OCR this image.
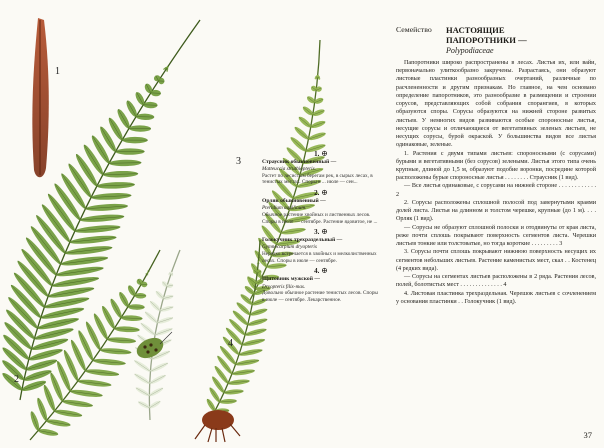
1
2
3
4
1. ⊕
Страусник обыкновенный —
Matteuccia struthiopteris.
Растет по лесистым берегам рек, в сырых лесах, в тенистых местах. Споры в ... июле — сен...
2. ⊕
Орляк обыкновенный —
Pteridium aquilinum.
Обычное растение хвойных и лиственных лесов. Споры в июле — сентябре. Растение ядовитое, не ...
3. ⊕
Голокучник трехраздельный —
Gymnocarpium dryopteris
Нередко встречается в хвойных и мелколиственных лесах. Споры в июле — сентябре.
4. ⊕
Щитовник мужской —
Dryopteris filix-mas.
Довольно обычное растение тенистых лесов. Споры в июле — сентябре. Лекарственное.
Семейство	НАСТОЯЩИЕ
ПАПОРОТНИКИ —
Polypodiaceae

Папоротники широко распространены в лесах. Листья их, или вайи, первоначально улиткообразно закручены. Разрастаясь, они образуют листовые пластинки разнообразных очертаний, различные по расчлененности и другим признакам. Но главное, на чем основано определение папоротников, это разнообразие в размещении и строении сорусов, представляющих собой собрания спорангиев, в которых образуются споры. Сорусы образуются на нижней стороне развитых листьев. У немногих видов развиваются особые спороносные листья, несущие сорусы и отличающиеся от вегетативных зеленых листьев, не несущих сорусы, бурой окраской. У большинства видов все листья одинаковые, зеленые.

1. Растения с двумя типами листьев: спороносными (с сорусами) бурыми и вегетативными (без сорусов) зелеными. Листья этого типа очень крупные, длиной до 1,5 м, образуют подобие воронки, посредине которой расположены бурые спороносные листья . . . . . . . . Страусник (1 вид).

— Все листья одинаковые, с сорусами на нижней стороне . . . . . . . . . . . . 2

2. Сорусы расположены сплошной полосой под завернутыми краями долей листа. Листья на длинном и толстом черешке, крупные (до 1 м). . . . Орляк (1 вид).

— Сорусы не образуют сплошной полоски и отодвинуты от края листа, реже почти сплошь покрывают поверхность сегментов листа. Черешки листьев тонкие или толстоватые, но тогда короткие . . . . . . . . . 3

3. Сорусы почти сплошь покрывают нижнюю поверхность несущих их сегментов небольших листьев. Растение каменистых мест, скал . . Костенец (4 редких вида).

— Сорусы на сегментах листьев расположены в 2 ряда. Растения лесов, полей, болотистых мест . . . . . . . . . . . . . . 4

4. Листовая пластинка трехраздельная. Черешок листьев с сочленением у основания пластинки . . Голокучник (1 вид).

37
